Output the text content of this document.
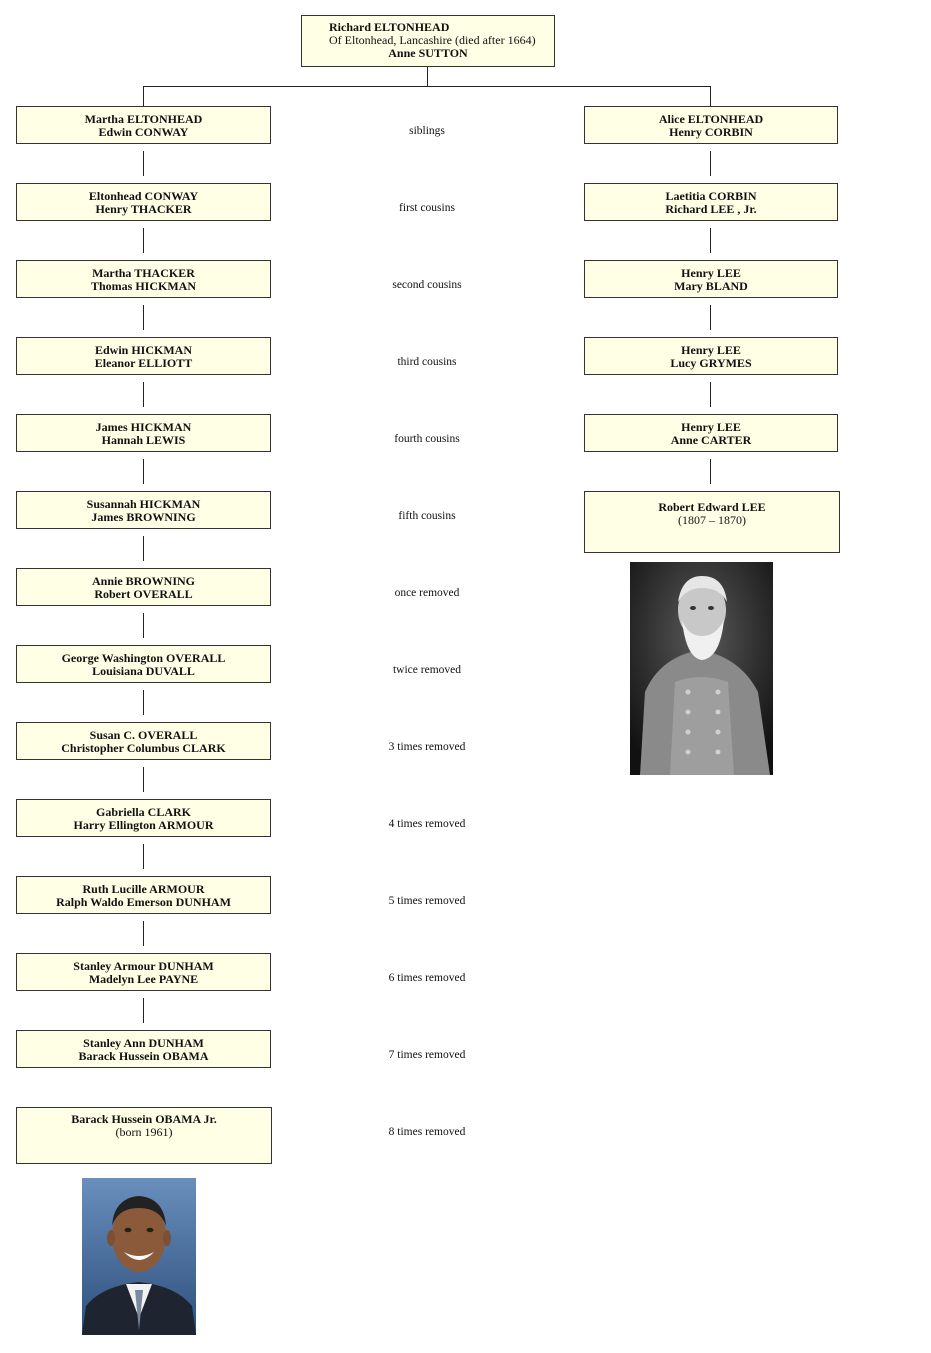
Richard ELTONHEAD
Of Eltonhead, Lancashire (died after 1664)
Anne SUTTON
Martha ELTONHEAD
Edwin CONWAY
Eltonhead CONWAY
Henry THACKER
Martha THACKER
Thomas HICKMAN
Edwin HICKMAN
Eleanor ELLIOTT
James HICKMAN
Hannah LEWIS
Susannah HICKMAN
James BROWNING
Annie BROWNING
Robert OVERALL
George Washington OVERALL
Louisiana DUVALL
Susan C. OVERALL
Christopher Columbus CLARK
Gabriella CLARK
Harry Ellington ARMOUR
Ruth Lucille ARMOUR
Ralph Waldo Emerson DUNHAM
Stanley Armour DUNHAM
Madelyn Lee PAYNE
Stanley Ann DUNHAM
Barack Hussein OBAMA
Alice ELTONHEAD
Henry CORBIN
Laetitia CORBIN
Richard LEE , Jr.
Henry LEE
Mary BLAND
Henry LEE
Lucy GRYMES
Henry LEE
Anne CARTER
siblings
first cousins
second cousins
third cousins
fourth cousins
fifth cousins
once removed
twice removed
3 times removed
4 times removed
5 times removed
6 times removed
7 times removed
8 times removed
Barack Hussein OBAMA Jr.
(born 1961)
Robert Edward LEE
(1807 – 1870)
